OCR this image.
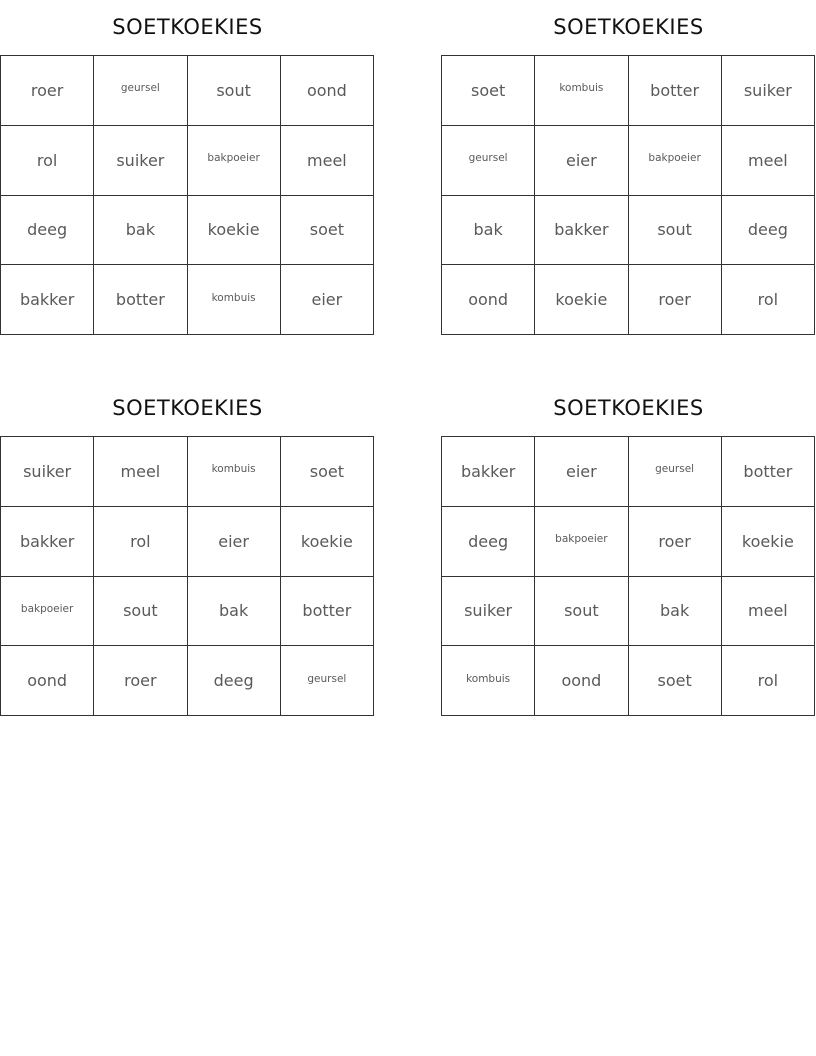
SOETKOEKIES
roer	geursel	sout	oond
rol	suiker	bakpoeier	meel
deeg	bak	koekie	soet
bakker	botter	kombuis	eier
SOETKOEKIES
soet	kombuis	botter	suiker
geursel	eier	bakpoeier	meel
bak	bakker	sout	deeg
oond	koekie	roer	rol
SOETKOEKIES
suiker	meel	kombuis	soet
bakker	rol	eier	koekie
bakpoeier	sout	bak	botter
oond	roer	deeg	geursel
SOETKOEKIES
bakker	eier	geursel	botter
deeg	bakpoeier	roer	koekie
suiker	sout	bak	meel
kombuis	oond	soet	rol
